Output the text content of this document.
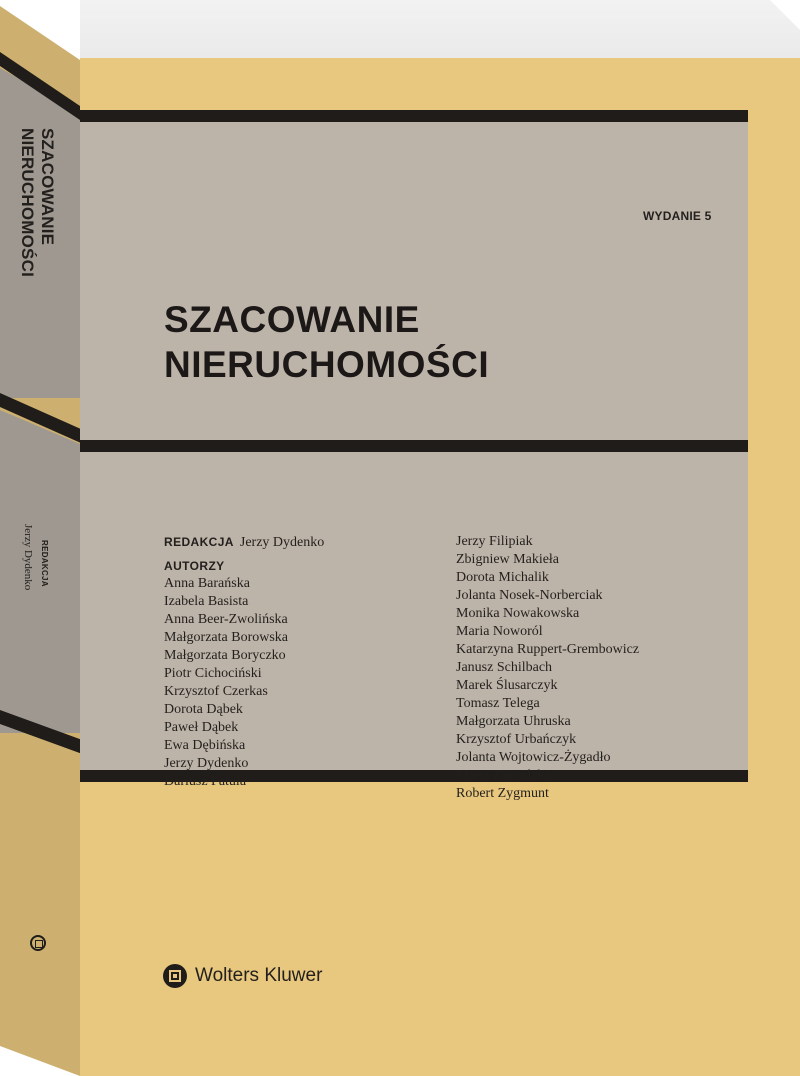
SZACOWANIE NIERUCHOMOŚCI
REDAKCJA
Jerzy Dydenko
WYDANIE 5
SZACOWANIE
NIERUCHOMOŚCI
REDAKCJA Jerzy Dydenko
AUTORZY
Anna Barańska
Izabela Basista
Anna Beer-Zwolińska
Małgorzata Borowska
Małgorzata Boryczko
Piotr Cichociński
Krzysztof Czerkas
Dorota Dąbek
Paweł Dąbek
Ewa Dębińska
Jerzy Dydenko
Dariusz Fatuła
Jerzy Filipiak
Zbigniew Makieła
Dorota Michalik
Jolanta Nosek-Norberciak
Monika Nowakowska
Maria Noworól
Katarzyna Ruppert-Grembowicz
Janusz Schilbach
Marek Ślusarczyk
Tomasz Telega
Małgorzata Uhruska
Krzysztof Urbańczyk
Jolanta Wojtowicz-Żygadło
Maria Zawadzka
Robert Zygmunt
Wolters Kluwer
